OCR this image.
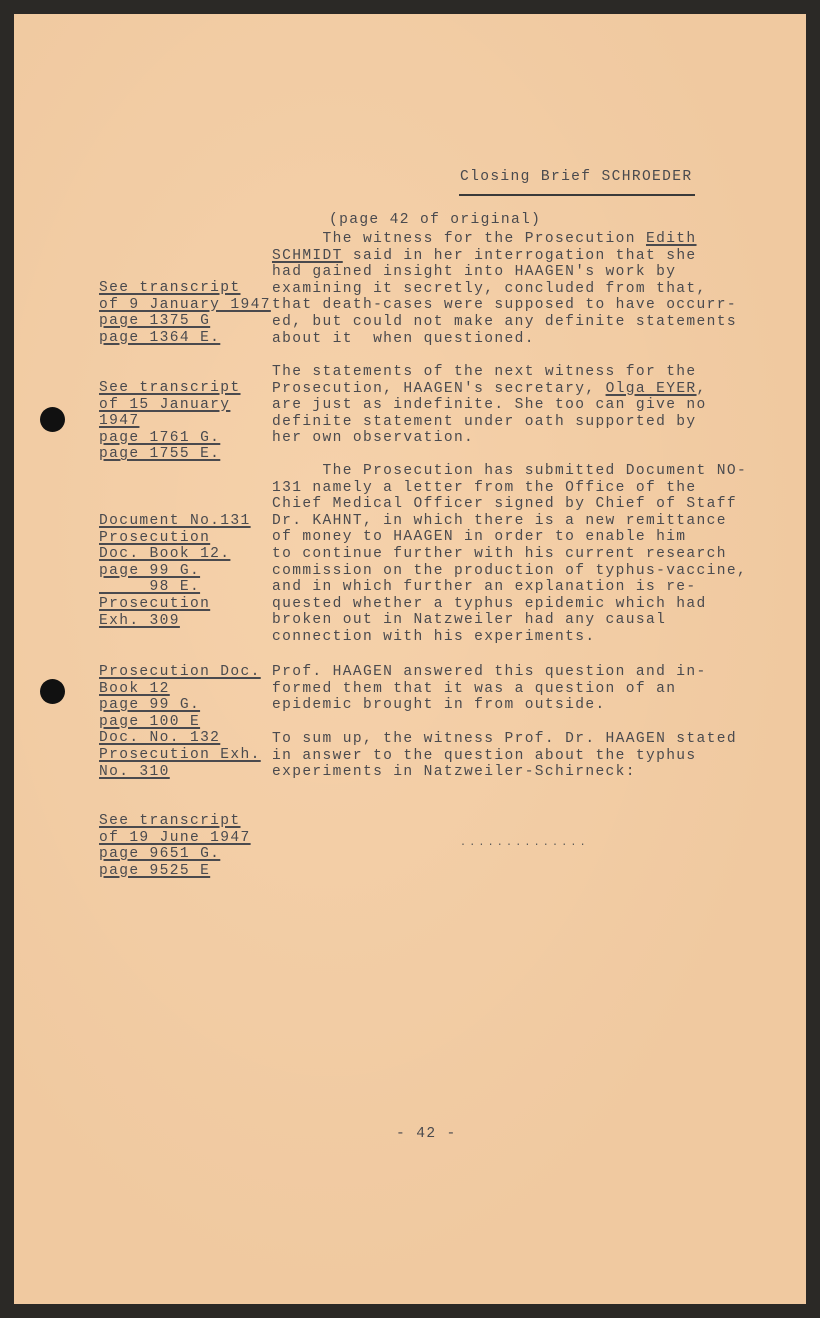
Closing Brief SCHROEDER
(page 42 of original)
..............
- 42 -
The witness for the Prosecution Edith
SCHMIDT said in her interrogation that she
had gained insight into HAAGEN's work by
examining it secretly, concluded from that,
that death-cases were supposed to have occurr-
ed, but could not make any definite statements
about it  when questioned.
The statements of the next witness for the
Prosecution, HAAGEN's secretary, Olga EYER,
are just as indefinite. She too can give no
definite statement under oath supported by
her own observation.
The Prosecution has submitted Document NO-
131 namely a letter from the Office of the
Chief Medical Officer signed by Chief of Staff
Dr. KAHNT, in which there is a new remittance
of money to HAAGEN in order to enable him
to continue further with his current research
commission on the production of typhus-vaccine,
and in which further an explanation is re-
quested whether a typhus epidemic which had
broken out in Natzweiler had any causal
connection with his experiments.
Prof. HAAGEN answered this question and in-
formed them that it was a question of an
epidemic brought in from outside.
To sum up, the witness Prof. Dr. HAAGEN stated
in answer to the question about the typhus
experiments in Natzweiler-Schirneck:
See transcript
of 9 January 1947
page 1375 G
page 1364 E.
See transcript
of 15 January
1947
page 1761 G.
page 1755 E.
Document No.131
Prosecution
Doc. Book 12.
page 99 G.
98 E.
Prosecution
Exh. 309
Prosecution Doc.
Book 12
page 99 G.
page 100 E
Doc. No. 132
Prosecution Exh.
No. 310
See transcript
of 19 June 1947
page 9651 G.
page 9525 E
